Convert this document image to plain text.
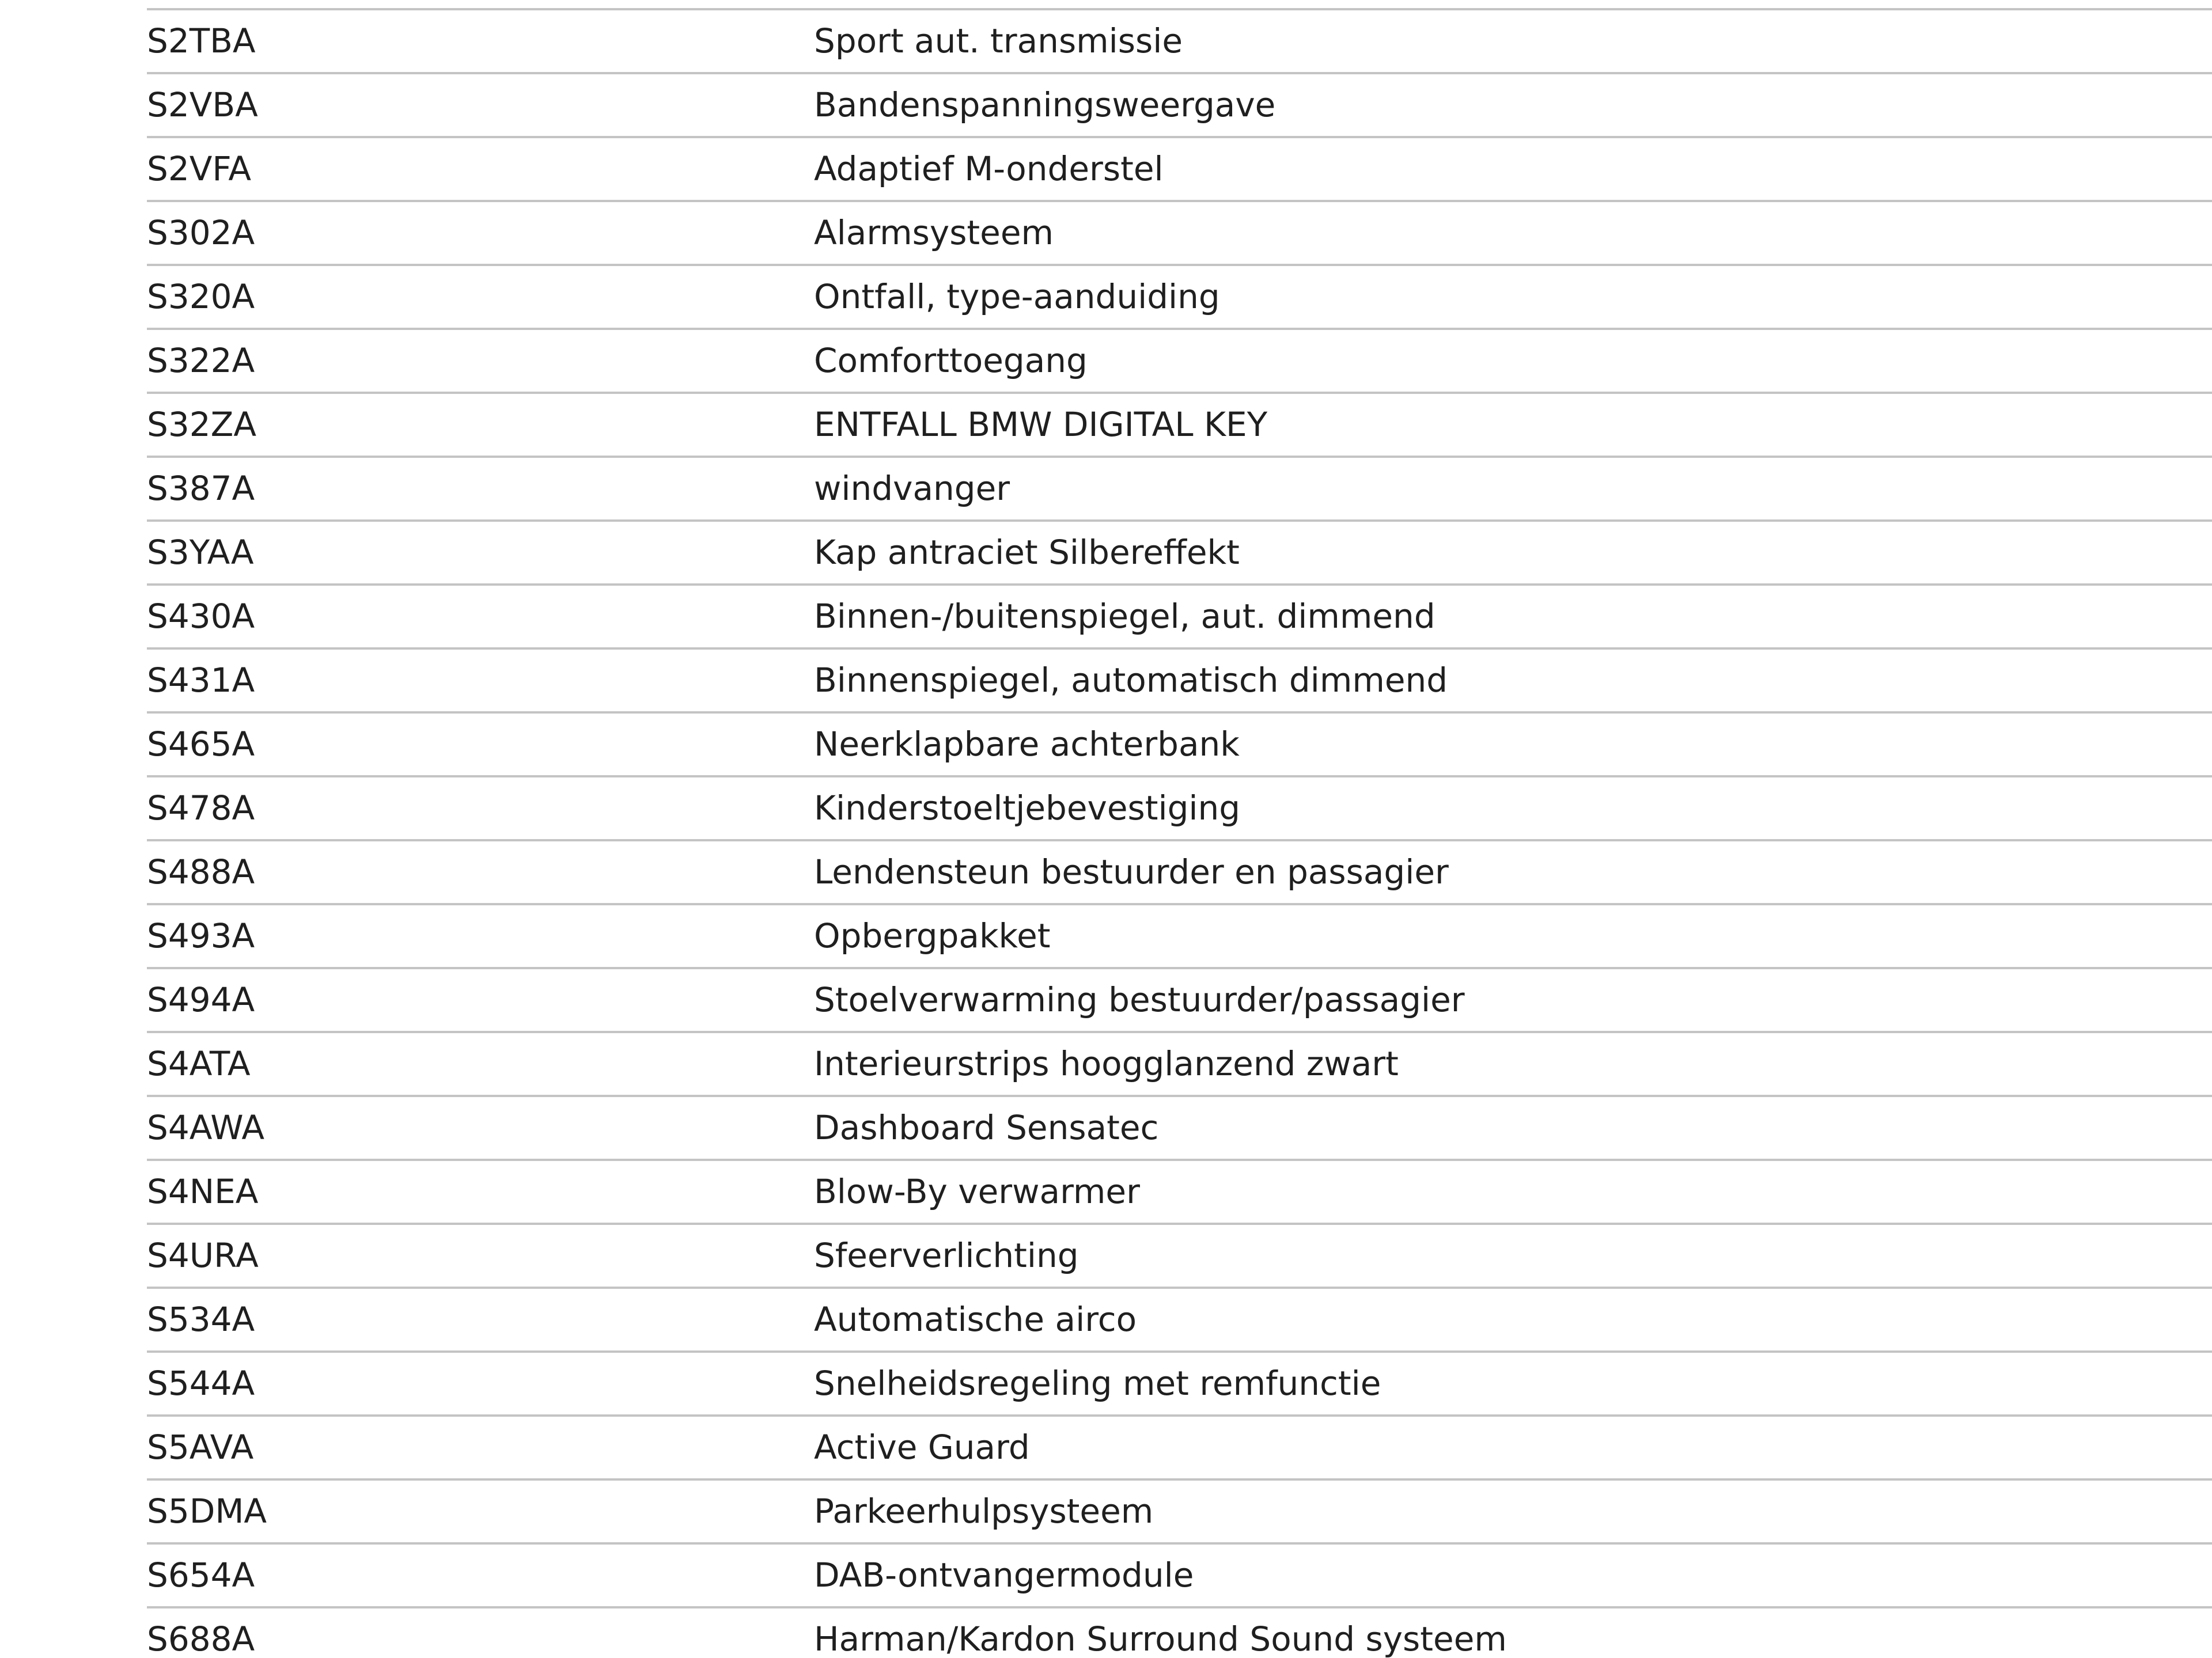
S2TBA	Sport aut. transmissie
S2VBA	Bandenspanningsweergave
S2VFA	Adaptief M-onderstel
S302A	Alarmsysteem
S320A	Ontfall, type-aanduiding
S322A	Comforttoegang
S32ZA	ENTFALL BMW DIGITAL KEY
S387A	windvanger
S3YAA	Kap antraciet Silbereffekt
S430A	Binnen-/buitenspiegel, aut. dimmend
S431A	Binnenspiegel, automatisch dimmend
S465A	Neerklapbare achterbank
S478A	Kinderstoeltjebevestiging
S488A	Lendensteun bestuurder en passagier
S493A	Opbergpakket
S494A	Stoelverwarming bestuurder/passagier
S4ATA	Interieurstrips hoogglanzend zwart
S4AWA	Dashboard Sensatec
S4NEA	Blow-By verwarmer
S4URA	Sfeerverlichting
S534A	Automatische airco
S544A	Snelheidsregeling met remfunctie
S5AVA	Active Guard
S5DMA	Parkeerhulpsysteem
S654A	DAB-ontvangermodule
S688A	Harman/Kardon Surround Sound systeem
